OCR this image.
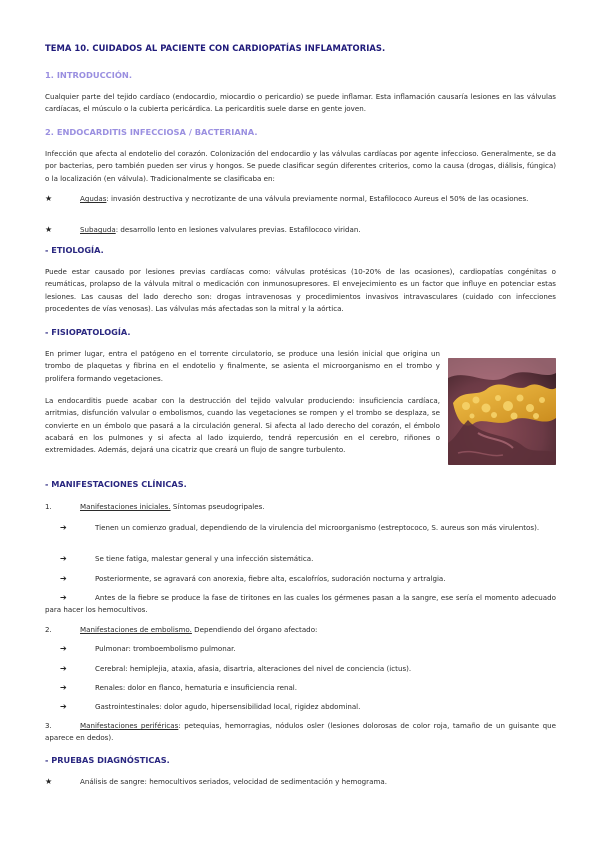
TEMA 10. CUIDADOS AL PACIENTE CON CARDIOPATÍAS INFLAMATORIAS.
1. INTRODUCCIÓN.

Cualquier parte del tejido cardíaco (endocardio, miocardio o pericardio) se puede inflamar. Esta inflamación causaría lesiones en las válvulas cardíacas, el músculo o la cubierta pericárdica. La pericarditis suele darse en gente joven.

2. ENDOCARDITIS INFECCIOSA / BACTERIANA.

Infección que afecta al endotelio del corazón. Colonización del endocardio y las válvulas cardíacas por agente infeccioso. Generalmente, se da por bacterias, pero también pueden ser virus y hongos. Se puede clasificar según diferentes criterios, como la causa (drogas, diálisis, fúngica) o la localización (en válvula). Tradicionalmente se clasificaba en:

★	Agudas: invasión destructiva y necrotizante de una válvula previamente normal, Estafilococo Aureus el 50% de las ocasiones.
★	Subaguda: desarrollo lento en lesiones valvulares previas. Estafilococo viridan.
- ETIOLOGÍA.

Puede estar causado por lesiones previas cardíacas como: válvulas protésicas (10-20% de las ocasiones), cardiopatías congénitas o reumáticas, prolapso de la válvula mitral o medicación con inmunosupresores. El envejecimiento es un factor que influye en potenciar estas lesiones. Las causas del lado derecho son: drogas intravenosas y procedimientos invasivos intravasculares (cuidado con infecciones procedentes de vías venosas). Las válvulas más afectadas son la mitral y la aórtica.

- FISIOPATOLOGÍA.

En primer lugar, entra el patógeno en el torrente circulatorio, se produce una lesión inicial que origina un trombo de plaquetas y fibrina en el endotelio y finalmente, se asienta el microorganismo en el trombo y prolifera formando vegetaciones.

La endocarditis puede acabar con la destrucción del tejido valvular produciendo: insuficiencia cardíaca, arritmias, disfunción valvular o embolismos, cuando las vegetaciones se rompen y el trombo se desplaza, se convierte en un émbolo que pasará a la circulación general. Si afecta al lado derecho del corazón, el émbolo acabará en los pulmones y si afecta al lado izquierdo, tendrá repercusión en el cerebro, riñones o extremidades. Además, dejará una cicatriz que creará un flujo de sangre turbulento.

- MANIFESTACIONES CLÍNICAS.
1.	Manifestaciones iniciales. Síntomas pseudogripales.
➔	Tienen un comienzo gradual, dependiendo de la virulencia del microorganismo (estreptococo, S. aureus son más virulentos).
➔	Se tiene fatiga, malestar general y una infección sistemática.
➔	Posteriormente, se agravará con anorexia, fiebre alta, escalofríos, sudoración nocturna y artralgia.
➔	Antes de la fiebre se produce la fase de tiritones en las cuales los gérmenes pasan a la sangre, ese sería el momento adecuado para hacer los hemocultivos.
2.	Manifestaciones de embolismo. Dependiendo del órgano afectado:
➔	Pulmonar: tromboembolismo pulmonar.
➔	Cerebral: hemiplejia, ataxia, afasia, disartria, alteraciones del nivel de conciencia (ictus).
➔	Renales: dolor en flanco, hematuria e insuficiencia renal.
➔	Gastrointestinales: dolor agudo, hipersensibilidad local, rigidez abdominal.
3.	Manifestaciones periféricas: petequias, hemorragias, nódulos osler (lesiones dolorosas de color roja, tamaño de un guisante que aparece en dedos).
- PRUEBAS DIAGNÓSTICAS.
★	Análisis de sangre: hemocultivos seriados, velocidad de sedimentación y hemograma.
